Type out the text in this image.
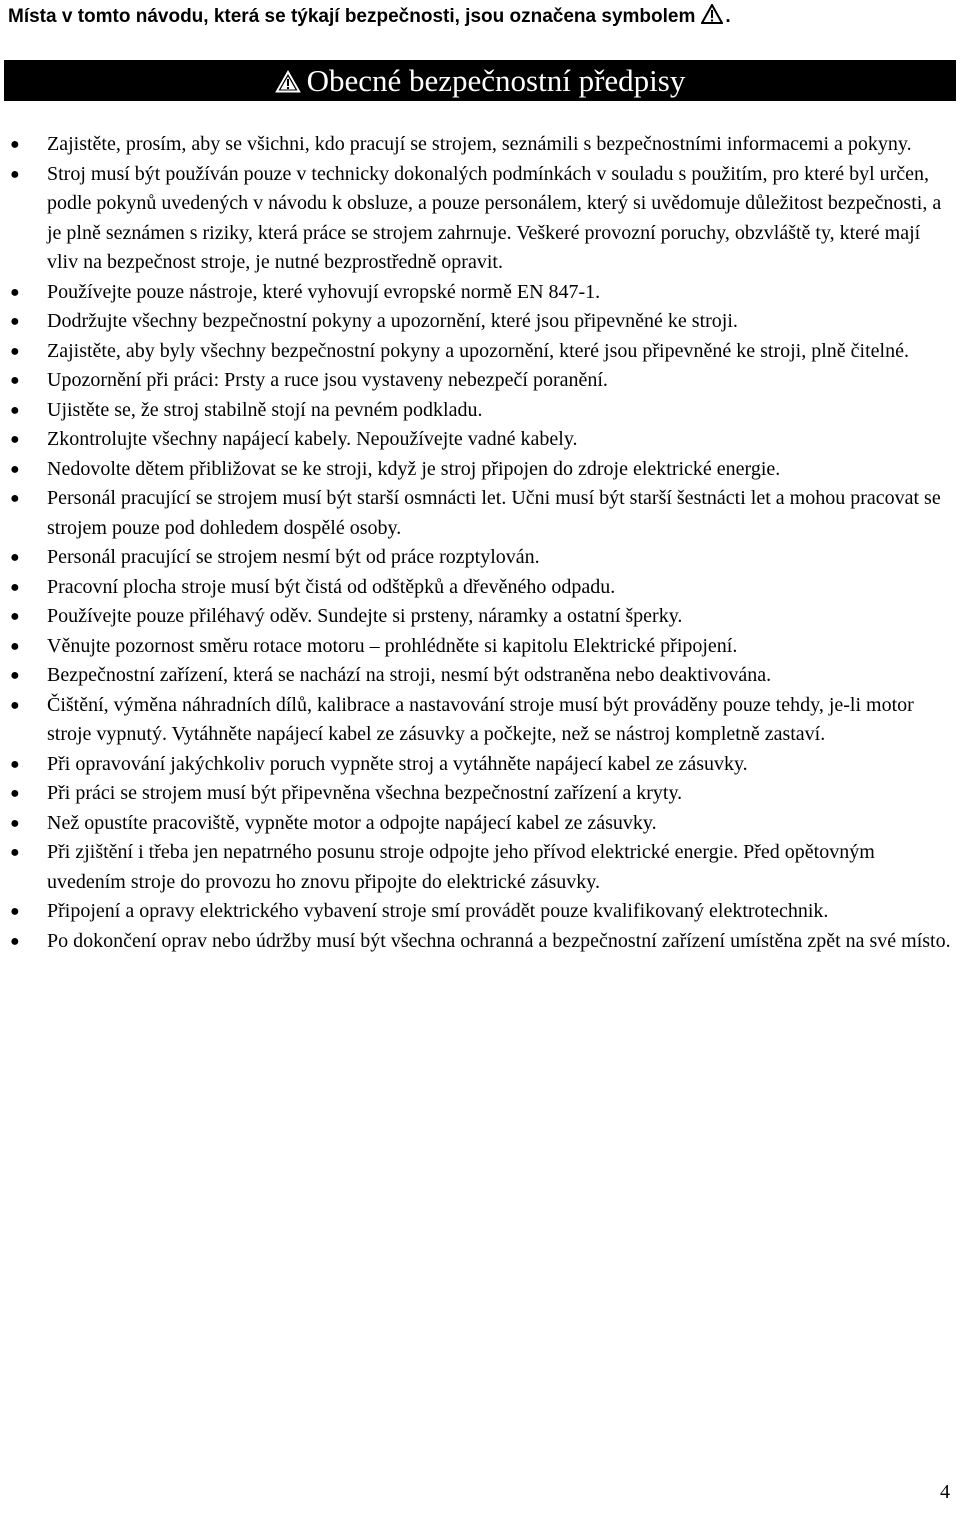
Místa v tomto návodu, která se týkají bezpečnosti, jsou označena symbolem .
Obecné bezpečnostní předpisy
● Zajistěte, prosím, aby se všichni, kdo pracují se strojem, seznámili s bezpečnostními informacemi a pokyny.
● Stroj musí být používán pouze v technicky dokonalých podmínkách v souladu s použitím, pro které byl určen, podle pokynů uvedených v návodu k obsluze, a pouze personálem, který si uvědomuje důležitost bezpečnosti, a je plně seznámen s riziky, která práce se strojem zahrnuje. Veškeré provozní poruchy, obzvláště ty, které mají vliv na bezpečnost stroje, je nutné bezprostředně opravit.
● Používejte pouze nástroje, které vyhovují evropské normě EN 847-1.
● Dodržujte všechny bezpečnostní pokyny a upozornění, které jsou připevněné ke stroji.
● Zajistěte, aby byly všechny bezpečnostní pokyny a upozornění, které jsou připevněné ke stroji, plně čitelné.
● Upozornění při práci: Prsty a ruce jsou vystaveny nebezpečí poranění.
● Ujistěte se, že stroj stabilně stojí na pevném podkladu.
● Zkontrolujte všechny napájecí kabely. Nepoužívejte vadné kabely.
● Nedovolte dětem přibližovat se ke stroji, když je stroj připojen do zdroje elektrické energie.
● Personál pracující se strojem musí být starší osmnácti let. Učni musí být starší šestnácti let a mohou pracovat se strojem pouze pod dohledem dospělé osoby.
● Personál pracující se strojem nesmí být od práce rozptylován.
● Pracovní plocha stroje musí být čistá od odštěpků a dřevěného odpadu.
● Používejte pouze přiléhavý oděv. Sundejte si prsteny, náramky a ostatní šperky.
● Věnujte pozornost směru rotace motoru – prohlédněte si kapitolu Elektrické připojení.
● Bezpečnostní zařízení, která se nachází na stroji, nesmí být odstraněna nebo deaktivována.
● Čištění, výměna náhradních dílů, kalibrace a nastavování stroje musí být prováděny pouze tehdy, je-li motor stroje vypnutý. Vytáhněte napájecí kabel ze zásuvky a počkejte, než se nástroj kompletně zastaví.
● Při opravování jakýchkoliv poruch vypněte stroj a vytáhněte napájecí kabel ze zásuvky.
● Při práci se strojem musí být připevněna všechna bezpečnostní zařízení a kryty.
● Než opustíte pracoviště, vypněte motor a odpojte napájecí kabel ze zásuvky.
● Při zjištění i třeba jen nepatrného posunu stroje odpojte jeho přívod elektrické energie. Před opětovným uvedením stroje do provozu ho znovu připojte do elektrické zásuvky.
● Připojení a opravy elektrického vybavení stroje smí provádět pouze kvalifikovaný elektrotechnik.
● Po dokončení oprav nebo údržby musí být všechna ochranná a bezpečnostní zařízení umístěna zpět na své místo.
4
